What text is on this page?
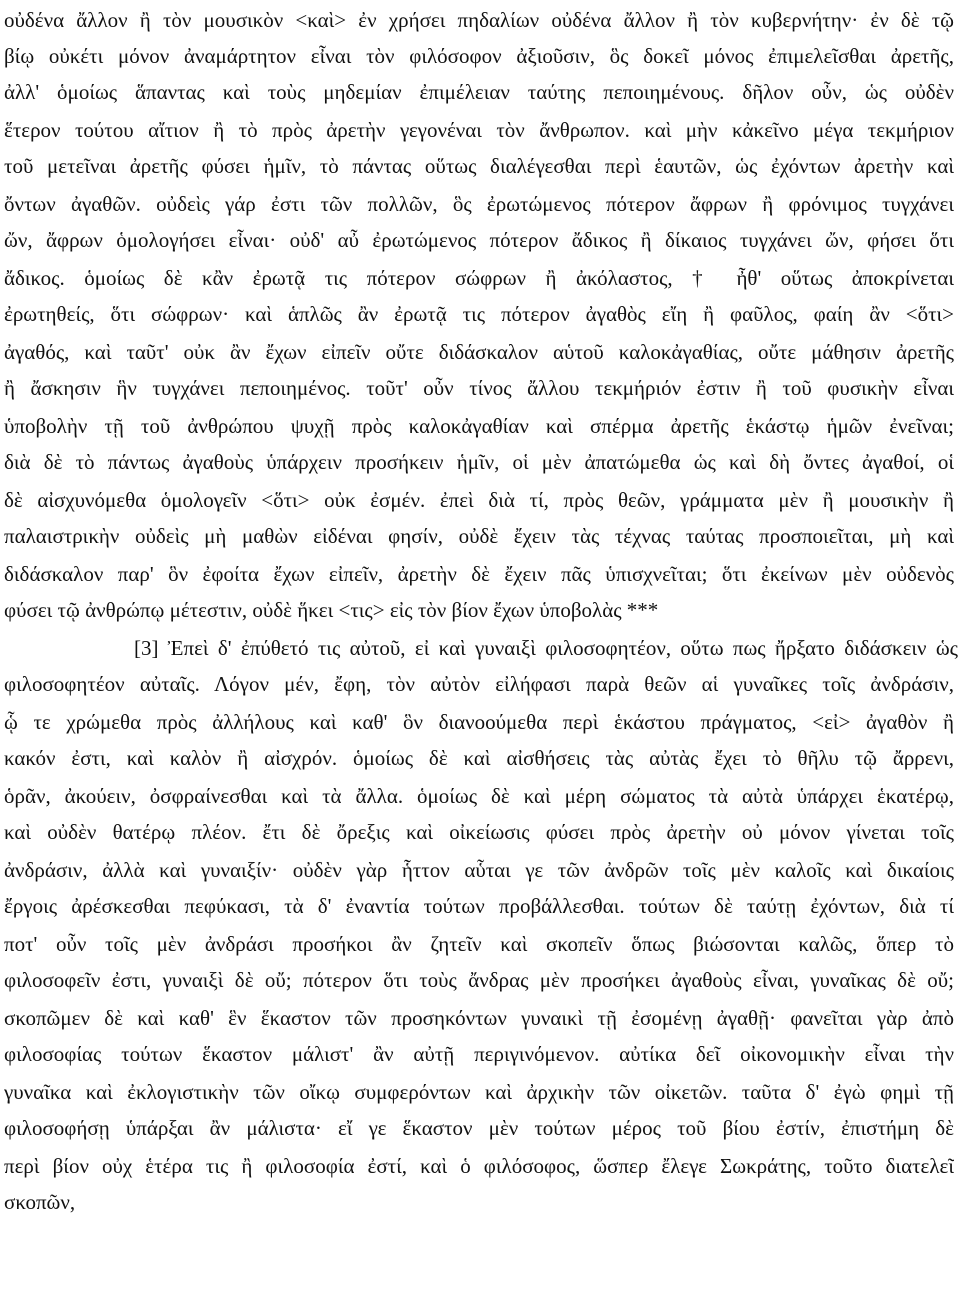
οὐδένα ἄλλον ἢ τὸν μουσικὸν <καὶ> ἐν χρήσει πηδαλίων οὐδένα ἄλλον ἢ τὸν κυβερνήτην· ἐν δὲ τῷ
βίῳ οὐκέτι μόνον ἀναμάρτητον εἶναι τὸν φιλόσοφον ἀξιοῦσιν, ὃς δοκεῖ μόνος ἐπιμελεῖσθαι ἀρετῆς,
ἀλλ' ὁμοίως ἅπαντας καὶ τοὺς μηδεμίαν ἐπιμέλειαν ταύτης πεποιημένους. δῆλον οὖν, ὡς οὐδὲν
ἕτερον τούτου αἴτιον ἢ τὸ πρὸς ἀρετὴν γεγονέναι τὸν ἄνθρωπον. καὶ μὴν κἀκεῖνο μέγα τεκμήριον
τοῦ μετεῖναι ἀρετῆς φύσει ἡμῖν, τὸ πάντας οὕτως διαλέγεσθαι περὶ ἑαυτῶν, ὡς ἐχόντων ἀρετὴν καὶ
ὄντων ἀγαθῶν. οὐδεὶς γάρ ἐστι τῶν πολλῶν, ὃς ἐρωτώμενος πότερον ἄφρων ἢ φρόνιμος τυγχάνει
ὤν, ἄφρων ὁμολογήσει εἶναι· οὐδ' αὖ ἐρωτώμενος πότερον ἄδικος ἢ δίκαιος τυγχάνει ὤν, φήσει ὅτι
ἄδικος. ὁμοίως δὲ κἂν ἐρωτᾷ τις πότερον σώφρων ἢ ἀκόλαστος, † ἦθ' οὕτως ἀποκρίνεται
ἐρωτηθείς, ὅτι σώφρων· καὶ ἁπλῶς ἂν ἐρωτᾷ τις πότερον ἀγαθὸς εἴη ἢ φαῦλος, φαίη ἂν <ὅτι>
ἀγαθός, καὶ ταῦτ' οὐκ ἂν ἔχων εἰπεῖν οὔτε διδάσκαλον αὑτοῦ καλοκἀγαθίας, οὔτε μάθησιν ἀρετῆς
ἢ ἄσκησιν ἣν τυγχάνει πεποιημένος. τοῦτ' οὖν τίνος ἄλλου τεκμήριόν ἐστιν ἢ τοῦ φυσικὴν εἶναι
ὑποβολὴν τῇ τοῦ ἀνθρώπου ψυχῇ πρὸς καλοκἀγαθίαν καὶ σπέρμα ἀρετῆς ἑκάστῳ ἡμῶν ἐνεῖναι;
διὰ δὲ τὸ πάντως ἀγαθοὺς ὑπάρχειν προσήκειν ἡμῖν, οἱ μὲν ἀπατώμεθα ὡς καὶ δὴ ὄντες ἀγαθοί, οἱ
δὲ αἰσχυνόμεθα ὁμολογεῖν <ὅτι> οὐκ ἐσμέν. ἐπεὶ διὰ τί, πρὸς θεῶν, γράμματα μὲν ἢ μουσικὴν ἢ
παλαιστρικὴν οὐδεὶς μὴ μαθὼν εἰδέναι φησίν, οὐδὲ ἔχειν τὰς τέχνας ταύτας προσποιεῖται, μὴ καὶ
διδάσκαλον παρ' ὃν ἐφοίτα ἔχων εἰπεῖν, ἀρετὴν δὲ ἔχειν πᾶς ὑπισχνεῖται; ὅτι ἐκείνων μὲν οὐδενὸς
φύσει τῷ ἀνθρώπῳ μέτεστιν, οὐδὲ ἥκει <τις> εἰς τὸν βίον ἔχων ὑποβολὰς ***
[3] Ἐπεὶ δ' ἐπύθετό τις αὐτοῦ, εἰ καὶ γυναιξὶ φιλοσοφητέον, οὕτω πως ἤρξατο διδάσκειν ὡς
φιλοσοφητέον αὐταῖς. Λόγον μέν, ἔφη, τὸν αὐτὸν εἰλήφασι παρὰ θεῶν αἱ γυναῖκες τοῖς ἀνδράσιν,
ᾧ τε χρώμεθα πρὸς ἀλλήλους καὶ καθ' ὃν διανοούμεθα περὶ ἑκάστου πράγματος, <εἰ> ἀγαθὸν ἢ
κακόν ἐστι, καὶ καλὸν ἢ αἰσχρόν. ὁμοίως δὲ καὶ αἰσθήσεις τὰς αὐτὰς ἔχει τὸ θῆλυ τῷ ἄρρενι,
ὁρᾶν, ἀκούειν, ὀσφραίνεσθαι καὶ τὰ ἄλλα. ὁμοίως δὲ καὶ μέρη σώματος τὰ αὐτὰ ὑπάρχει ἑκατέρῳ,
καὶ οὐδὲν θατέρῳ πλέον. ἔτι δὲ ὄρεξις καὶ οἰκείωσις φύσει πρὸς ἀρετὴν οὐ μόνον γίνεται τοῖς
ἀνδράσιν, ἀλλὰ καὶ γυναιξίν· οὐδὲν γὰρ ἧττον αὗται γε τῶν ἀνδρῶν τοῖς μὲν καλοῖς καὶ δικαίοις
ἔργοις ἀρέσκεσθαι πεφύκασι, τὰ δ' ἐναντία τούτων προβάλλεσθαι. τούτων δὲ ταύτῃ ἐχόντων, διὰ τί
ποτ' οὖν τοῖς μὲν ἀνδράσι προσήκοι ἂν ζητεῖν καὶ σκοπεῖν ὅπως βιώσονται καλῶς, ὅπερ τὸ
φιλοσοφεῖν ἐστι, γυναιξὶ δὲ οὔ; πότερον ὅτι τοὺς ἄνδρας μὲν προσήκει ἀγαθοὺς εἶναι, γυναῖκας δὲ οὔ;
σκοπῶμεν δὲ καὶ καθ' ἓν ἕκαστον τῶν προσηκόντων γυναικὶ τῇ ἐσομένῃ ἀγαθῇ· φανεῖται γὰρ ἀπὸ
φιλοσοφίας τούτων ἕκαστον μάλιστ' ἂν αὐτῇ περιγινόμενον. αὐτίκα δεῖ οἰκονομικὴν εἶναι τὴν
γυναῖκα καὶ ἐκλογιστικὴν τῶν οἴκῳ συμφερόντων καὶ ἀρχικὴν τῶν οἰκετῶν. ταῦτα δ' ἐγὼ φημὶ τῇ
φιλοσοφήσῃ ὑπάρξαι ἂν μάλιστα· εἴ γε ἕκαστον μὲν τούτων μέρος τοῦ βίου ἐστίν, ἐπιστήμη δὲ
περὶ βίον οὐχ ἑτέρα τις ἢ φιλοσοφία ἐστί, καὶ ὁ φιλόσοφος, ὥσπερ ἔλεγε Σωκράτης, τοῦτο διατελεῖ
σκοπῶν,
